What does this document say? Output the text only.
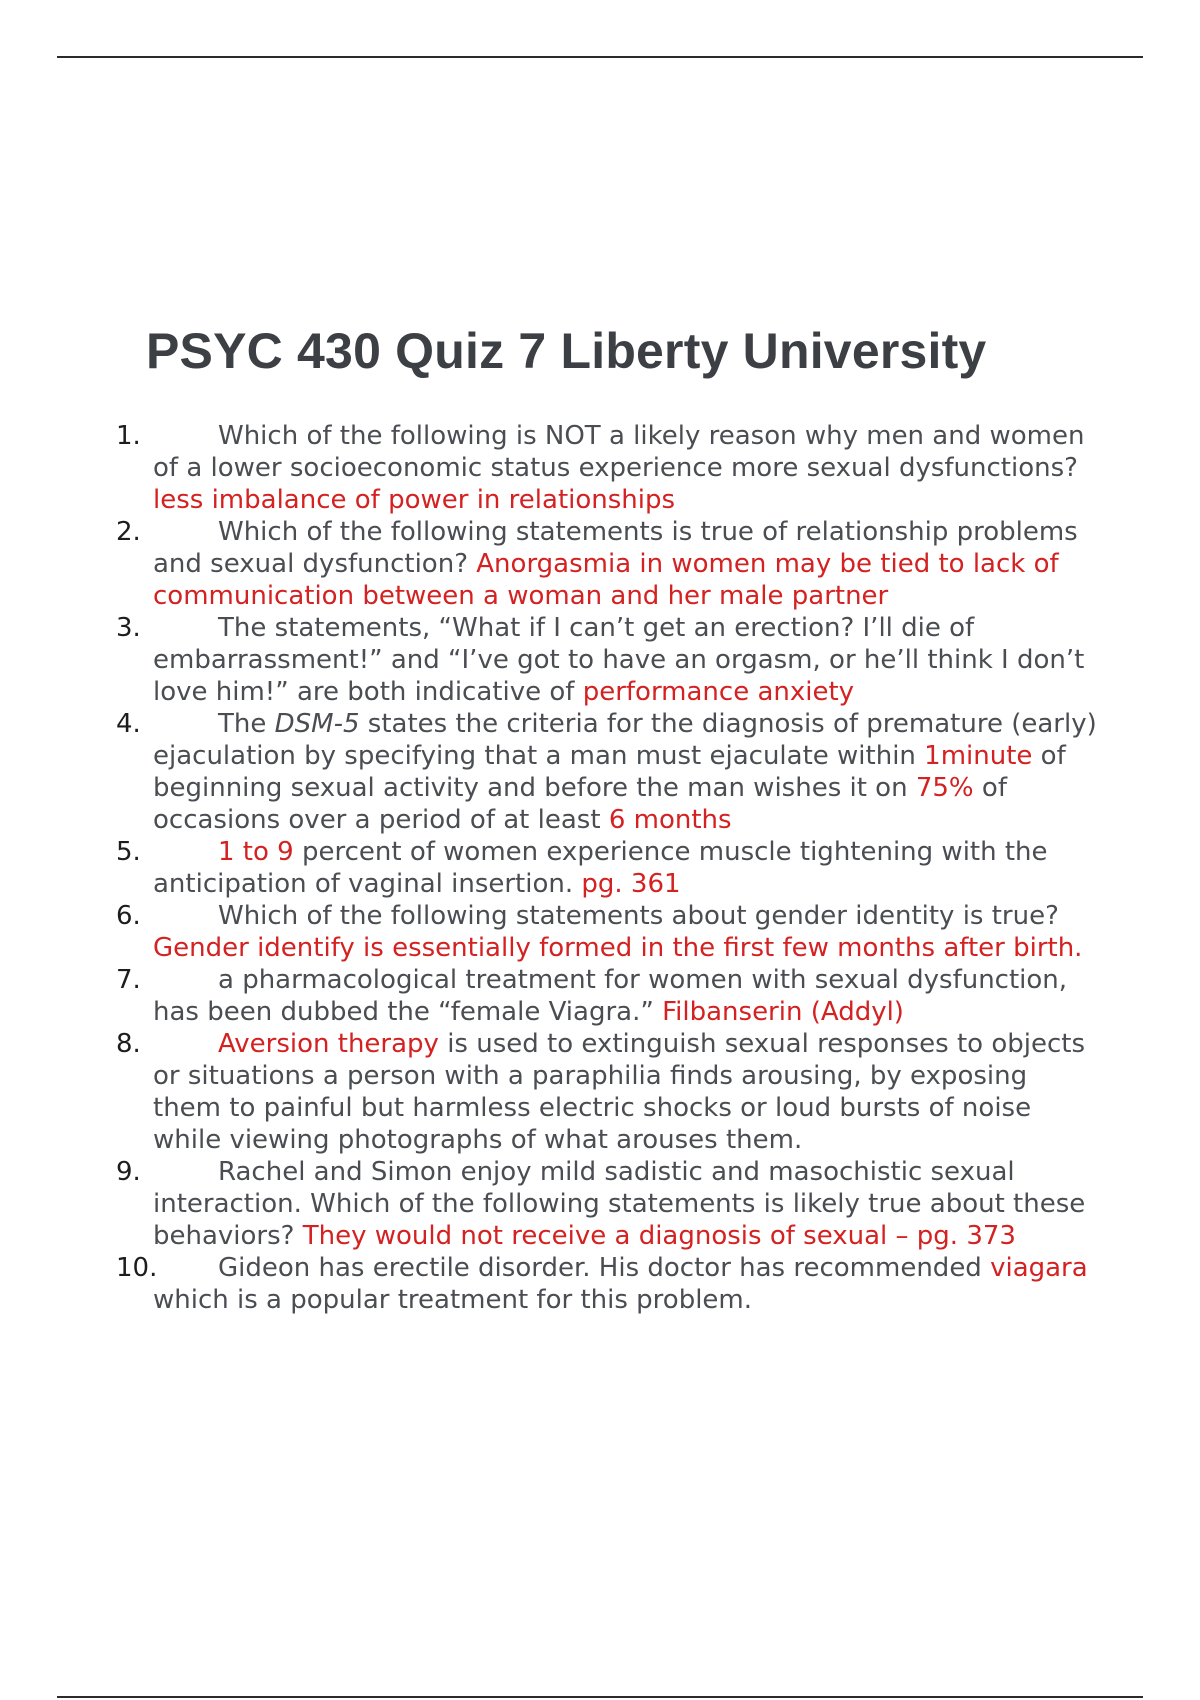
PSYC 430 Quiz 7 Liberty University
1.	Which of the following is NOT a likely reason why men and women of a lower socioeconomic status experience more sexual dysfunctions? less imbalance of power in relationships
2.	Which of the following statements is true of relationship problems and sexual dysfunction? Anorgasmia in women may be tied to lack of communication between a woman and her male partner
3.	The statements, “What if I can’t get an erection? I’ll die of embarrassment!” and “I’ve got to have an orgasm, or he’ll think I don’t love him!” are both indicative of performance anxiety
4.	The DSM-5 states the criteria for the diagnosis of premature (early) ejaculation by specifying that a man must ejaculate within 1minute of beginning sexual activity and before the man wishes it on 75% of occasions over a period of at least 6 months
5.	1 to 9 percent of women experience muscle tightening with the anticipation of vaginal insertion. pg. 361
6.	Which of the following statements about gender identity is true? Gender identify is essentially formed in the first few months after birth.
7.	a pharmacological treatment for women with sexual dysfunction, has been dubbed the “female Viagra.” Filbanserin (Addyl)
8.	Aversion therapy is used to extinguish sexual responses to objects or situations a person with a paraphilia finds arousing, by exposing them to painful but harmless electric shocks or loud bursts of noise while viewing photographs of what arouses them.
9.	Rachel and Simon enjoy mild sadistic and masochistic sexual interaction. Which of the following statements is likely true about these behaviors? They would not receive a diagnosis of sexual – pg. 373
10. Gideon has erectile disorder. His doctor has recommended viagara which is a popular treatment for this problem.
